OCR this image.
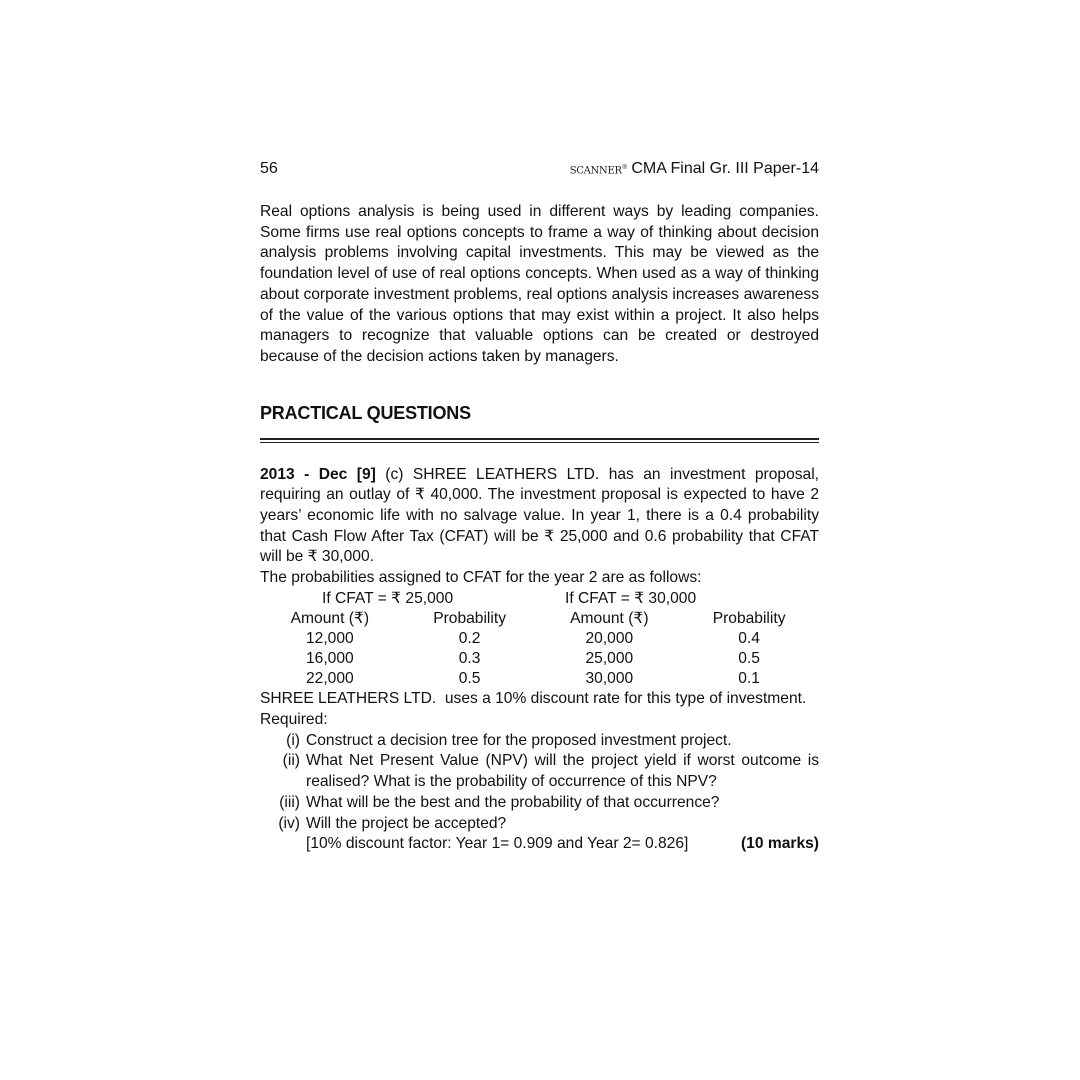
56	SCANNER® CMA Final Gr. III Paper-14
Real options analysis is being used in different ways by leading companies. Some firms use real options concepts to frame a way of thinking about decision analysis problems involving capital investments. This may be viewed as the foundation level of use of real options concepts. When used as a way of thinking about corporate investment problems, real options analysis increases awareness of the value of the various options that may exist within a project. It also helps managers to recognize that valuable options can be created or destroyed because of the decision actions taken by managers.
PRACTICAL QUESTIONS
2013 - Dec [9] (c) SHREE LEATHERS LTD. has an investment proposal, requiring an outlay of ₹ 40,000. The investment proposal is expected to have 2 years’ economic life with no salvage value. In year 1, there is a 0.4 probability that Cash Flow After Tax (CFAT) will be ₹ 25,000 and 0.6 probability that CFAT will be ₹ 30,000.
The probabilities assigned to CFAT for the year 2 are as follows:
If CFAT = ₹ 25,000	If CFAT = ₹ 30,000
Amount (₹)	Probability	Amount (₹)	Probability
12,000	0.2	20,000	0.4
16,000	0.3	25,000	0.5
22,000	0.5	30,000	0.1
SHREE LEATHERS LTD.  uses a 10% discount rate for this type of investment.
Required:
(i) Construct a decision tree for the proposed investment project.
(ii) What Net Present Value (NPV) will the project yield if worst outcome is realised? What is the probability of occurrence of this NPV?
(iii) What will be the best and the probability of that occurrence?
(iv) Will the project be accepted?
[10% discount factor: Year 1= 0.909 and Year 2= 0.826]	(10 marks)
